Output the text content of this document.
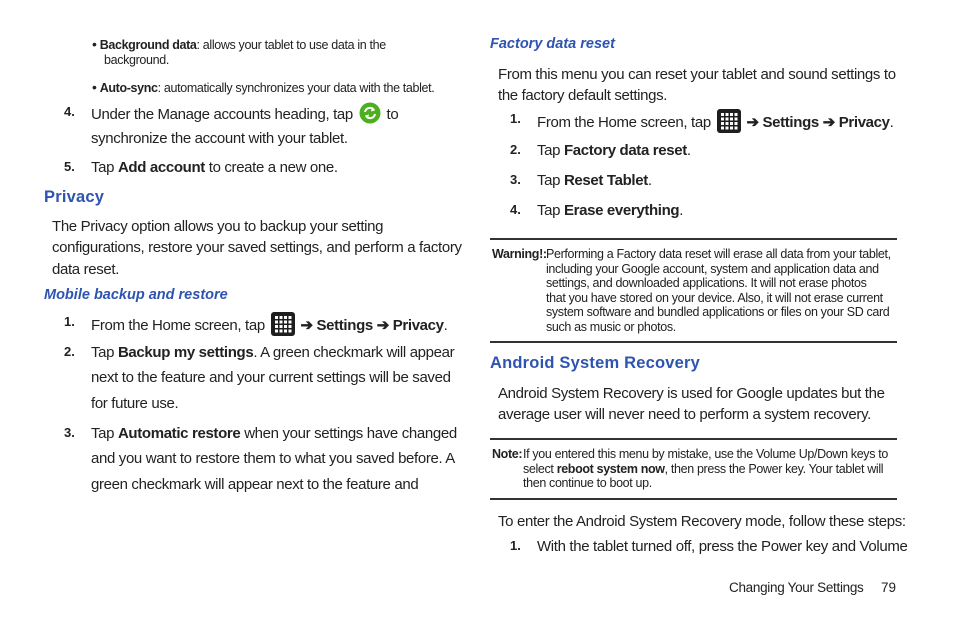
• Background data: allows your tablet to use data in the
background.
• Auto-sync: automatically synchronizes your data with the tablet.
4. Under the Manage accounts heading, tap  to
synchronize the account with your tablet.
5. Tap Add account to create a new one.
Privacy
The Privacy option allows you to backup your setting
configurations, restore your saved settings, and perform a factory
data reset.
Mobile backup and restore
1. From the Home screen, tap
➔ Settings ➔ Privacy.
2. Tap Backup my settings. A green checkmark will appear
next to the feature and your current settings will be saved
for future use.
3. Tap Automatic restore when your settings have changed
and you want to restore them to what you saved before. A
green checkmark will appear next to the feature and
Factory data reset
From this menu you can reset your tablet and sound settings to
the factory default settings.
1. From the Home screen, tap
➔ Settings ➔ Privacy.
2. Tap Factory data reset.
3. Tap Reset Tablet.
4. Tap Erase everything.
Warning!: Performing a Factory data reset will erase all data from your tablet,
including your Google account, system and application data and
settings, and downloaded applications. It will not erase photos
that you have stored on your device. Also, it will not erase current
system software and bundled applications or files on your SD card
such as music or photos.
Android System Recovery
Android System Recovery is used for Google updates but the
average user will never need to perform a system recovery.
Note: If you entered this menu by mistake, use the Volume Up/Down keys to
select reboot system now, then press the Power key. Your tablet will
then continue to boot up.
To enter the Android System Recovery mode, follow these steps:
1. With the tablet turned off, press the Power key and Volume
Changing Your Settings 79
